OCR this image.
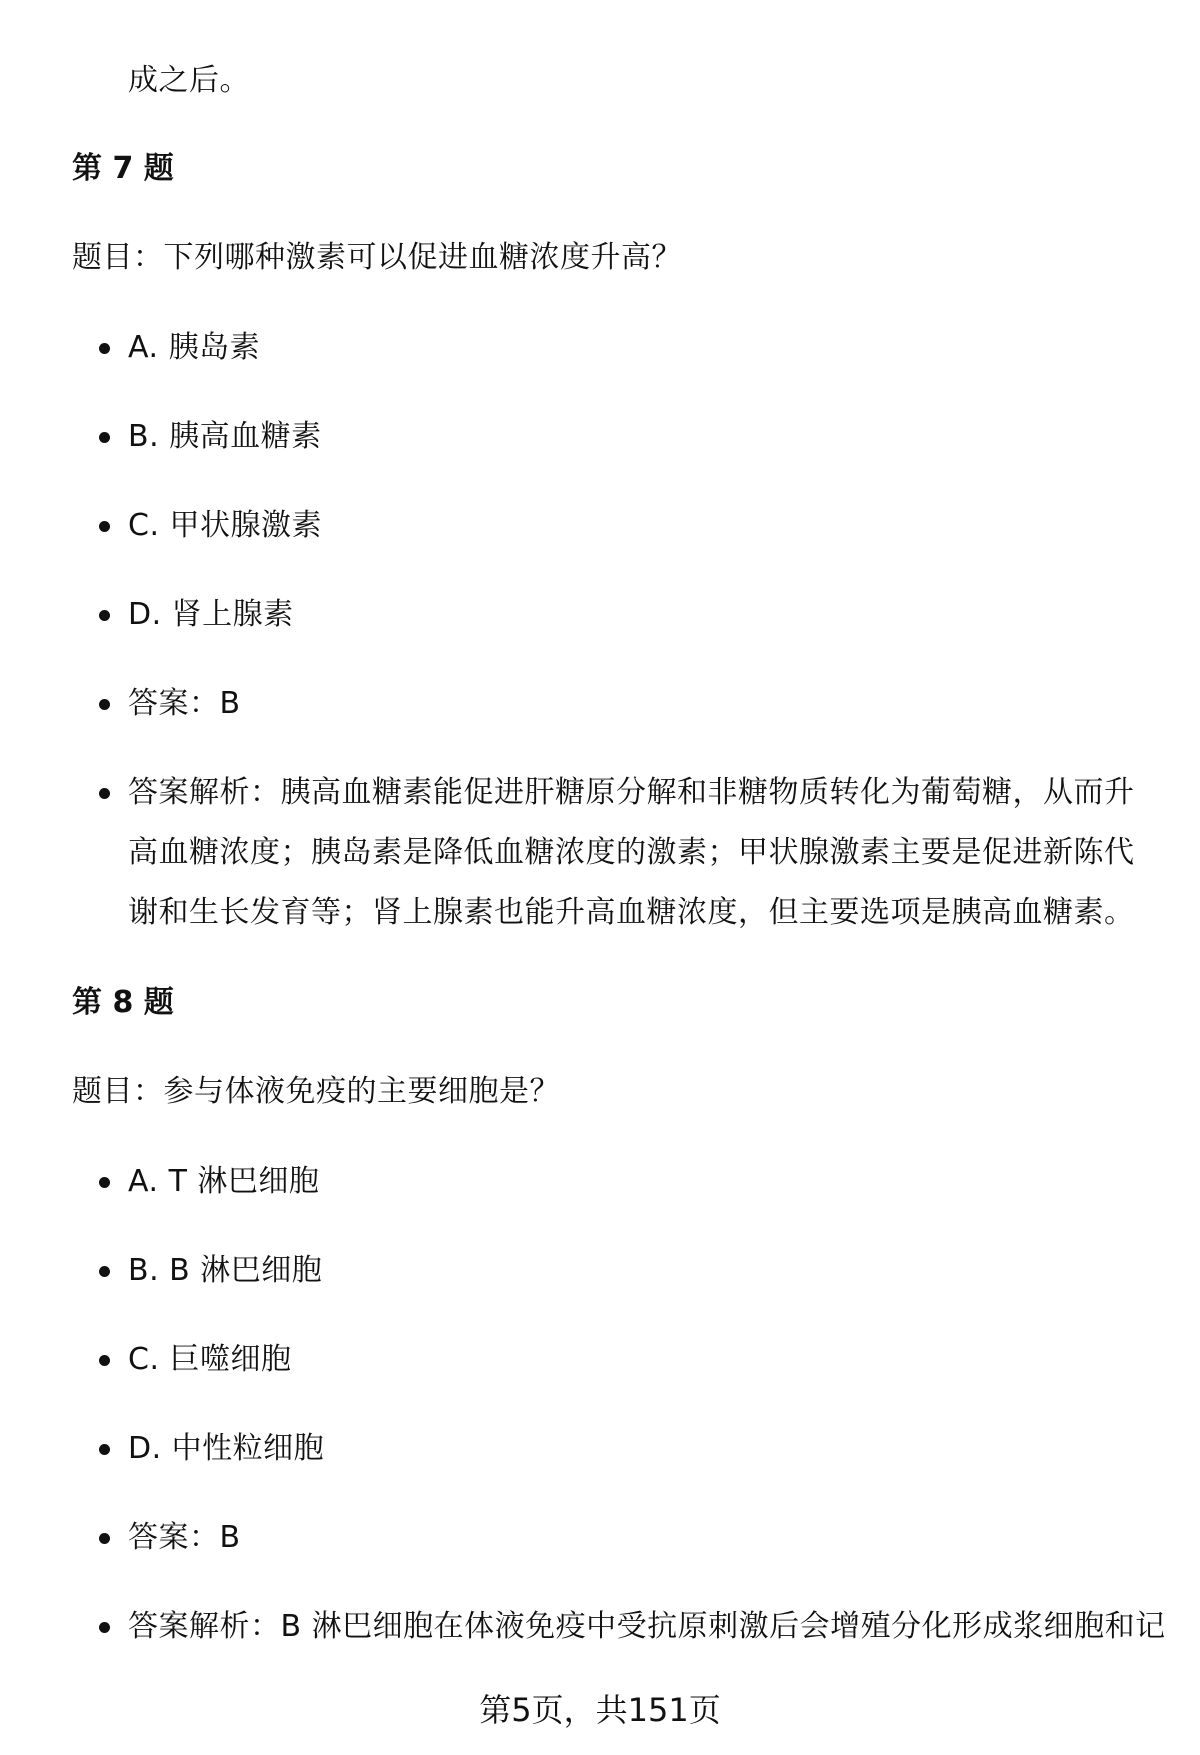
成之后。
第 7 题
题目：下列哪种激素可以促进血糖浓度升高？
A. 胰岛素
B. 胰高血糖素
C. 甲状腺激素
D. 肾上腺素
答案：B
答案解析：胰高血糖素能促进肝糖原分解和非糖物质转化为葡萄糖，从而升高血糖浓度；胰岛素是降低血糖浓度的激素；甲状腺激素主要是促进新陈代谢和生长发育等；肾上腺素也能升高血糖浓度，但主要选项是胰高血糖素。
第 8 题
题目：参与体液免疫的主要细胞是？
A. T 淋巴细胞
B. B 淋巴细胞
C. 巨噬细胞
D. 中性粒细胞
答案：B
答案解析：B 淋巴细胞在体液免疫中受抗原刺激后会增殖分化形成浆细胞和记
第5页，共151页
